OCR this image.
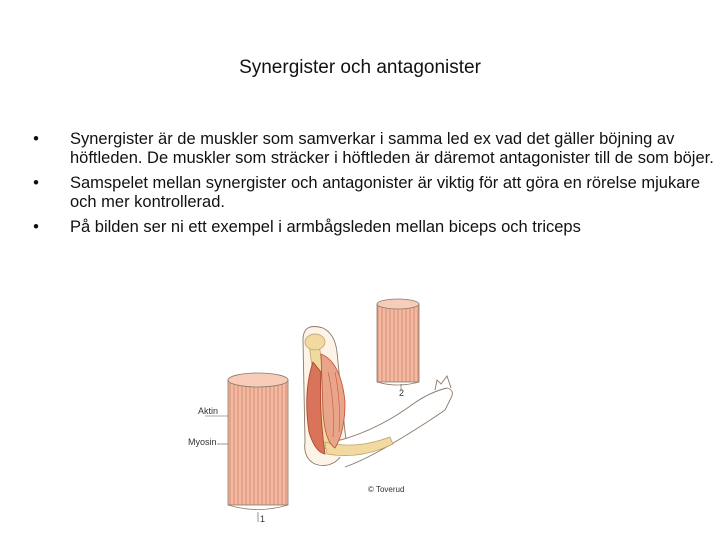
Synergister och antagonister
• Synergister är de muskler som samverkar i samma led ex vad det gäller böjning av höftleden. De muskler som sträcker i höftleden är däremot antagonister till de som böjer.
• Samspelet mellan synergister och antagonister är viktig för att göra en rörelse mjukare och mer kontrollerad.
• På bilden ser ni ett exempel i armbågsleden mellan biceps och triceps
Aktin
Myosin
1
2
© Toverud
